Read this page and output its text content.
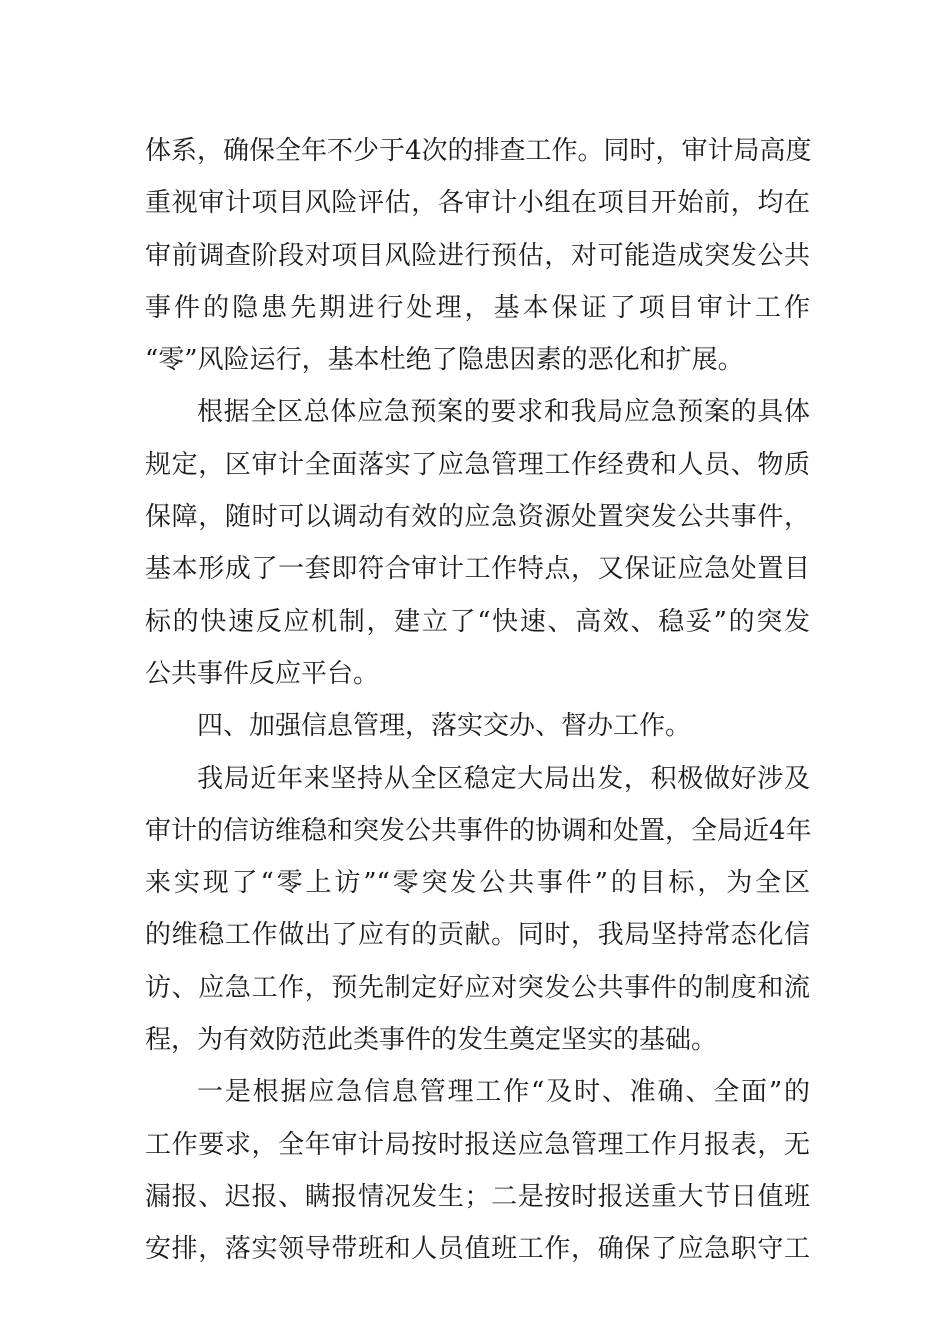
体系，确保全年不少于4次的排查工作。同时，审计局高度
重视审计项目风险评估，各审计小组在项目开始前，均在
审前调查阶段对项目风险进行预估，对可能造成突发公共
事件的隐患先期进行处理，基本保证了项目审计工作
“零”风险运行，基本杜绝了隐患因素的恶化和扩展。
根据全区总体应急预案的要求和我局应急预案的具体
规定，区审计全面落实了应急管理工作经费和人员、物质
保障，随时可以调动有效的应急资源处置突发公共事件，
基本形成了一套即符合审计工作特点，又保证应急处置目
标的快速反应机制，建立了“快速、高效、稳妥”的突发
公共事件反应平台。
四、加强信息管理，落实交办、督办工作。
我局近年来坚持从全区稳定大局出发，积极做好涉及
审计的信访维稳和突发公共事件的协调和处置，全局近4年
来实现了“零上访”“零突发公共事件”的目标，为全区
的维稳工作做出了应有的贡献。同时，我局坚持常态化信
访、应急工作，预先制定好应对突发公共事件的制度和流
程，为有效防范此类事件的发生奠定坚实的基础。
一是根据应急信息管理工作“及时、准确、全面”的
工作要求，全年审计局按时报送应急管理工作月报表，无
漏报、迟报、瞒报情况发生；二是按时报送重大节日值班
安排，落实领导带班和人员值班工作，确保了应急职守工
